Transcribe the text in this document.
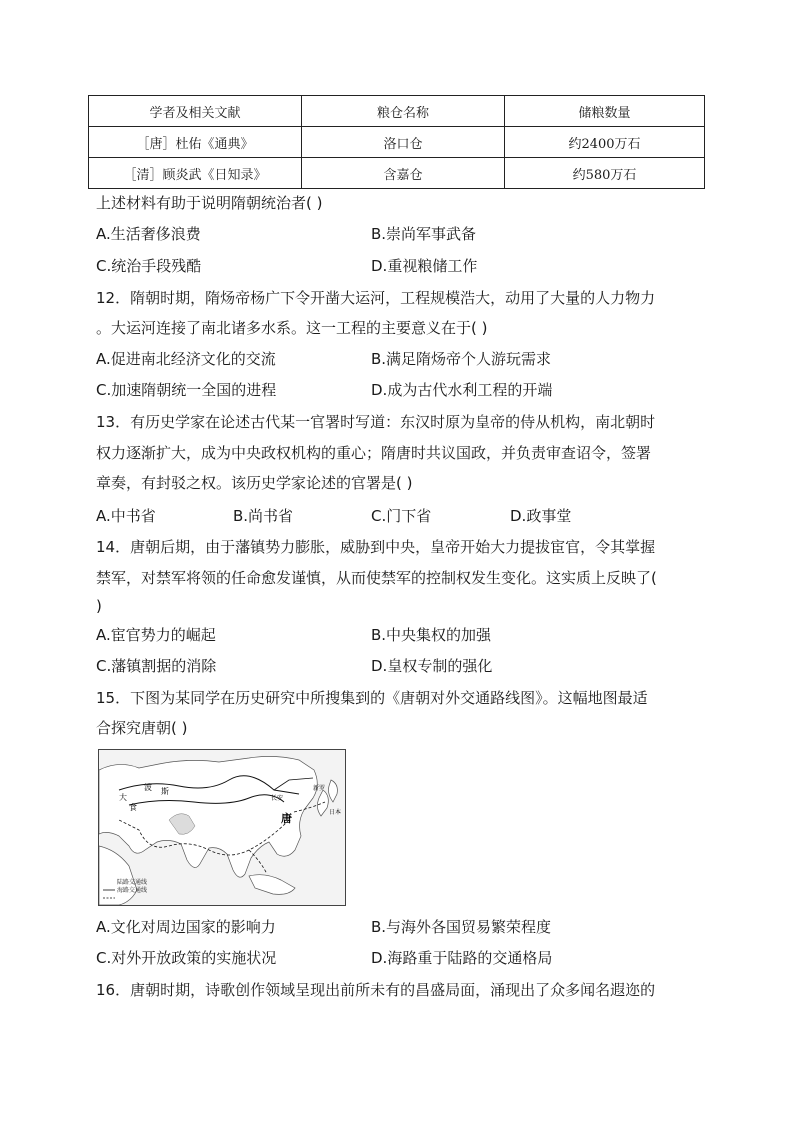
学者及相关文献	粮仓名称	储粮数量
［唐］杜佑《通典》	洛口仓	约2400万石
［清］顾炎武《日知录》	含嘉仓	约580万石
上述材料有助于说明隋朝统治者( )
A.生活奢侈浪费	B.崇尚军事武备
C.统治手段残酷	D.重视粮储工作
12．隋朝时期，隋炀帝杨广下令开凿大运河，工程规模浩大，动用了大量的人力物力
。大运河连接了南北诸多水系。这一工程的主要意义在于( )
A.促进南北经济文化的交流	B.满足隋炀帝个人游玩需求
C.加速隋朝统一全国的进程	D.成为古代水利工程的开端
13．有历史学家在论述古代某一官署时写道：东汉时原为皇帝的侍从机构，南北朝时
权力逐渐扩大，成为中央政权机构的重心；隋唐时共议国政，并负责审查诏令，签署
章奏，有封驳之权。该历史学家论述的官署是( )
A.中书省	B.尚书省	C.门下省	D.政事堂
14．唐朝后期，由于藩镇势力膨胀，威胁到中央，皇帝开始大力提拔宦官，令其掌握
禁军，对禁军将领的任命愈发谨慎，从而使禁军的控制权发生变化。这实质上反映了(
)
A.宦官势力的崛起	B.中央集权的加强
C.藩镇割据的消除	D.皇权专制的强化
15．下图为某同学在历史研究中所搜集到的《唐朝对外交通路线图》。这幅地图最适
合探究唐朝( )
大
食
波 斯
唐
长安
新罗
日本
陆路交通线
海路交通线
A.文化对周边国家的影响力	B.与海外各国贸易繁荣程度
C.对外开放政策的实施状况	D.海路重于陆路的交通格局
16．唐朝时期，诗歌创作领域呈现出前所未有的昌盛局面，涌现出了众多闻名遐迩的
